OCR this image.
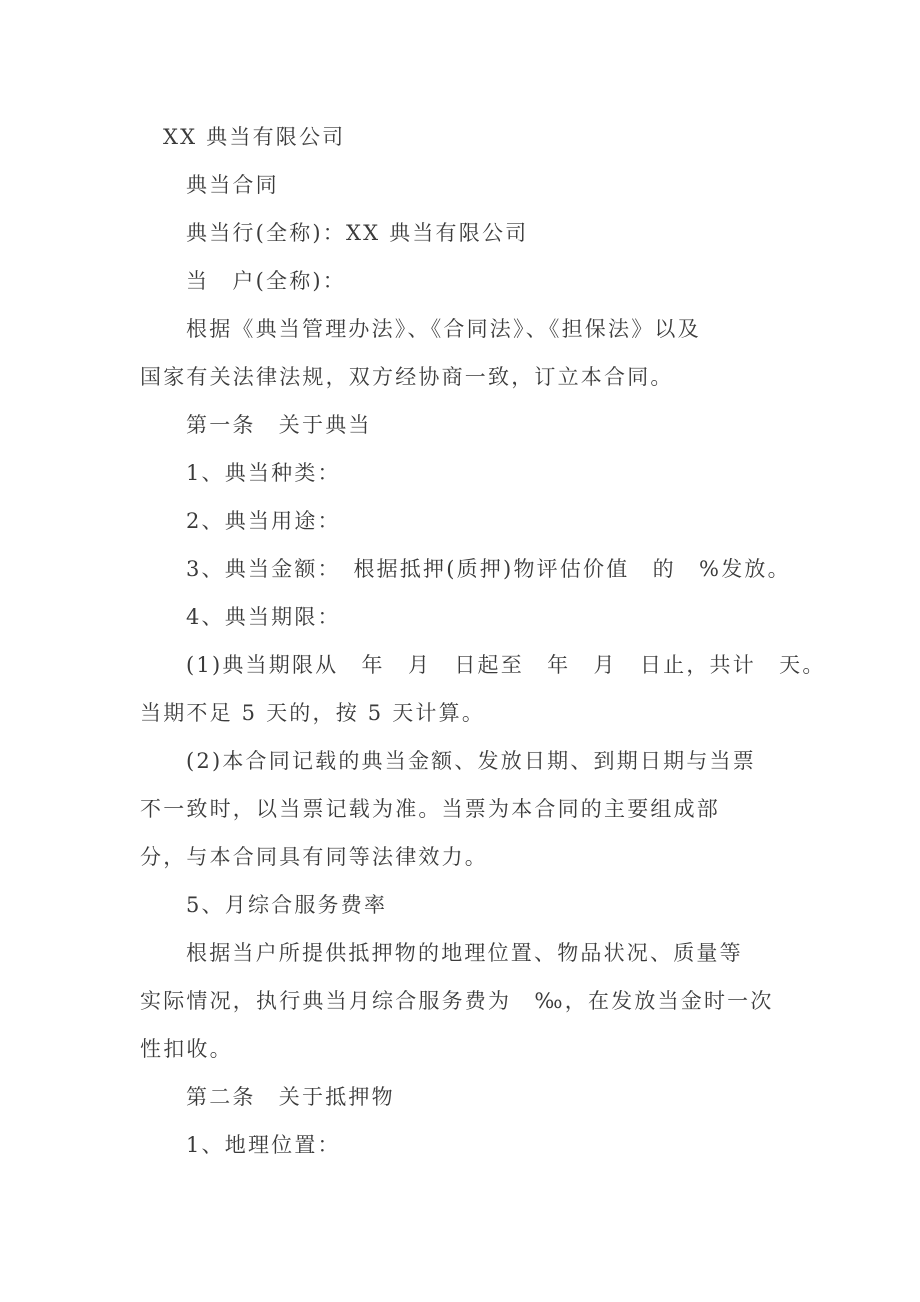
XX 典当有限公司
典当合同
典当行(全称)：XX 典当有限公司
当　户(全称)：
根据《典当管理办法》、《合同法》、《担保法》以及
国家有关法律法规，双方经协商一致，订立本合同。
第一条　关于典当
1、典当种类：
2、典当用途：
3、典当金额：　根据抵押(质押)物评估价值　的　%发放。
4、典当期限：
(1)典当期限从　年　月　日起至　年　月　日止，共计　天。
当期不足 5 天的，按 5 天计算。
(2)本合同记载的典当金额、发放日期、到期日期与当票
不一致时，以当票记载为准。当票为本合同的主要组成部
分，与本合同具有同等法律效力。
5、月综合服务费率
根据当户所提供抵押物的地理位置、物品状况、质量等
实际情况，执行典当月综合服务费为　‰，在发放当金时一次
性扣收。
第二条　关于抵押物
1、地理位置：
